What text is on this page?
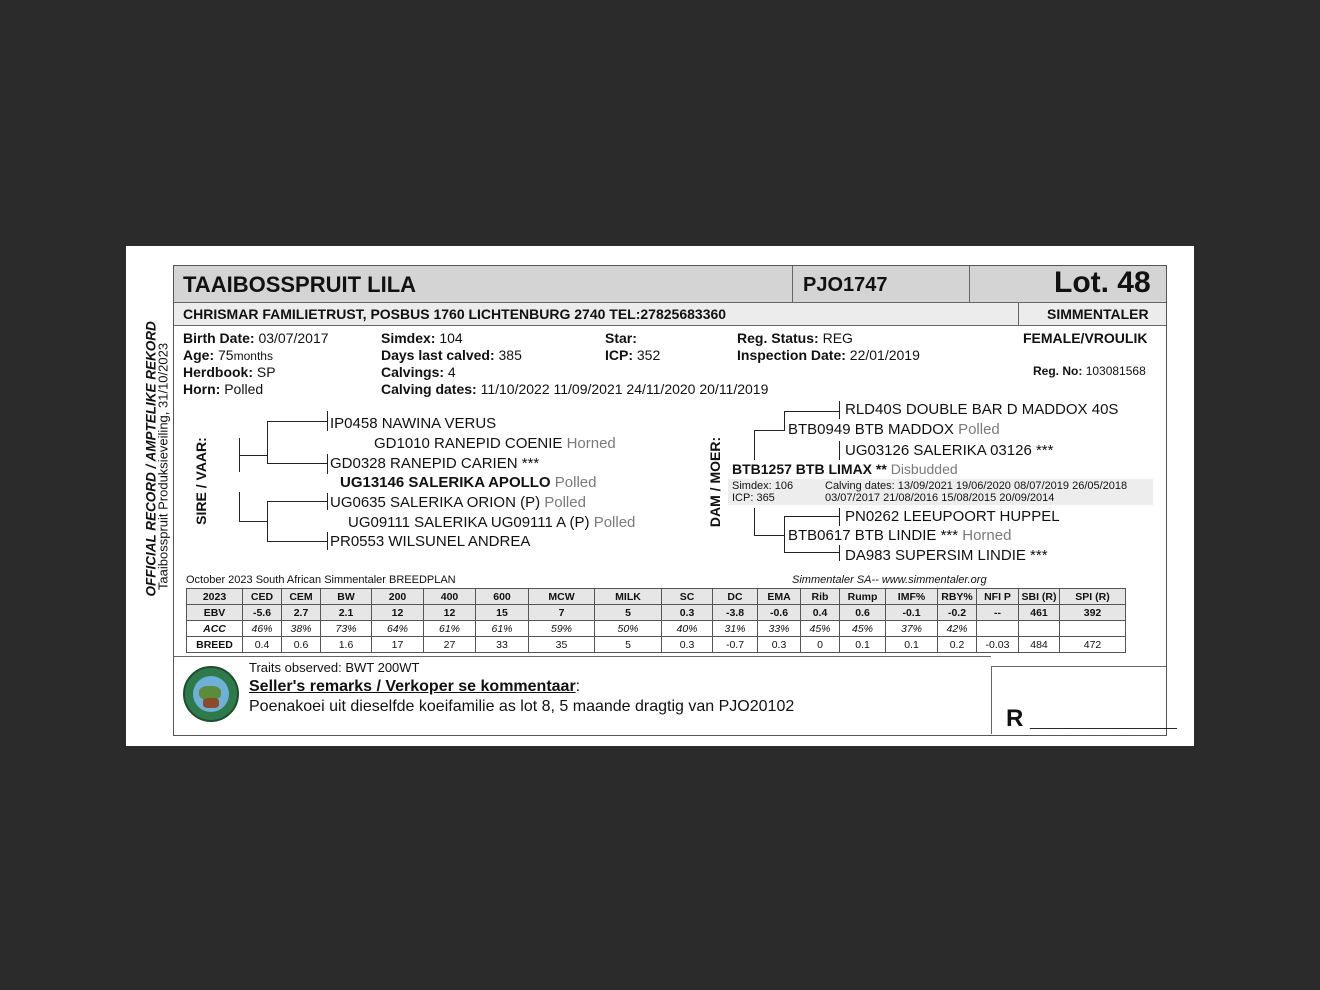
OFFICIAL RECORD / AMPTELIKE REKORD
Taaibosspruit Produksieveiling, 31/10/2023
TAAIBOSSPRUIT LILA	PJO1747	Lot. 48
CHRISMAR FAMILIETRUST, POSBUS 1760 LICHTENBURG 2740 TEL:27825683360	SIMMENTALER
Birth Date: 03/07/2017
Age: 75months
Herdbook: SP
Horn: Polled
Simdex: 104
Days last calved: 385
Calvings: 4
Calving dates: 11/10/2022 11/09/2021 24/11/2020 20/11/2019
Star:
ICP: 352
Reg. Status: REG
Inspection Date: 22/01/2019
FEMALE/VROULIK
Reg. No: 103081568
SIRE / VAAR:
IP0458 NAWINA VERUS
GD1010 RANEPID COENIE Horned
GD0328 RANEPID CARIEN ***
UG13146 SALERIKA APOLLO Polled
UG0635 SALERIKA ORION (P) Polled
UG09111 SALERIKA UG09111 A (P) Polled
PR0553 WILSUNEL ANDREA
DAM / MOER:
RLD40S DOUBLE BAR D MADDOX 40S
BTB0949 BTB MADDOX Polled
UG03126 SALERIKA 03126 ***
BTB1257 BTB LIMAX ** Disbudded
Simdex: 106
ICP: 365
Calving dates: 13/09/2021 19/06/2020 08/07/2019 26/05/2018
03/07/2017 21/08/2016 15/08/2015 20/09/2014
PN0262 LEEUPOORT HUPPEL
BTB0617 BTB LINDIE *** Horned
DA983 SUPERSIM LINDIE ***
October 2023 South African Simmentaler BREEDPLAN	Simmentaler SA-- www.simmentaler.org
2023	CED	CEM	BW	200	400	600	MCW	MILK	SC	DC	EMA	Rib	Rump	IMF%	RBY%	NFI P	SBI (R)	SPI (R)
EBV	-5.6	2.7	2.1	12	12	15	7	5	0.3	-3.8	-0.6	0.4	0.6	-0.1	-0.2	--	461	392
ACC	46%	38%	73%	64%	61%	61%	59%	50%	40%	31%	33%	45%	45%	37%	42%			
BREED	0.4	0.6	1.6	17	27	33	35	5	0.3	-0.7	0.3	0	0.1	0.1	0.2	-0.03	484	472
Traits observed: BWT 200WT
Seller's remarks / Verkoper se kommentaar:
Poenakoei uit dieselfde koeifamilie as lot 8, 5 maande dragtig van PJO20102	R ___________
